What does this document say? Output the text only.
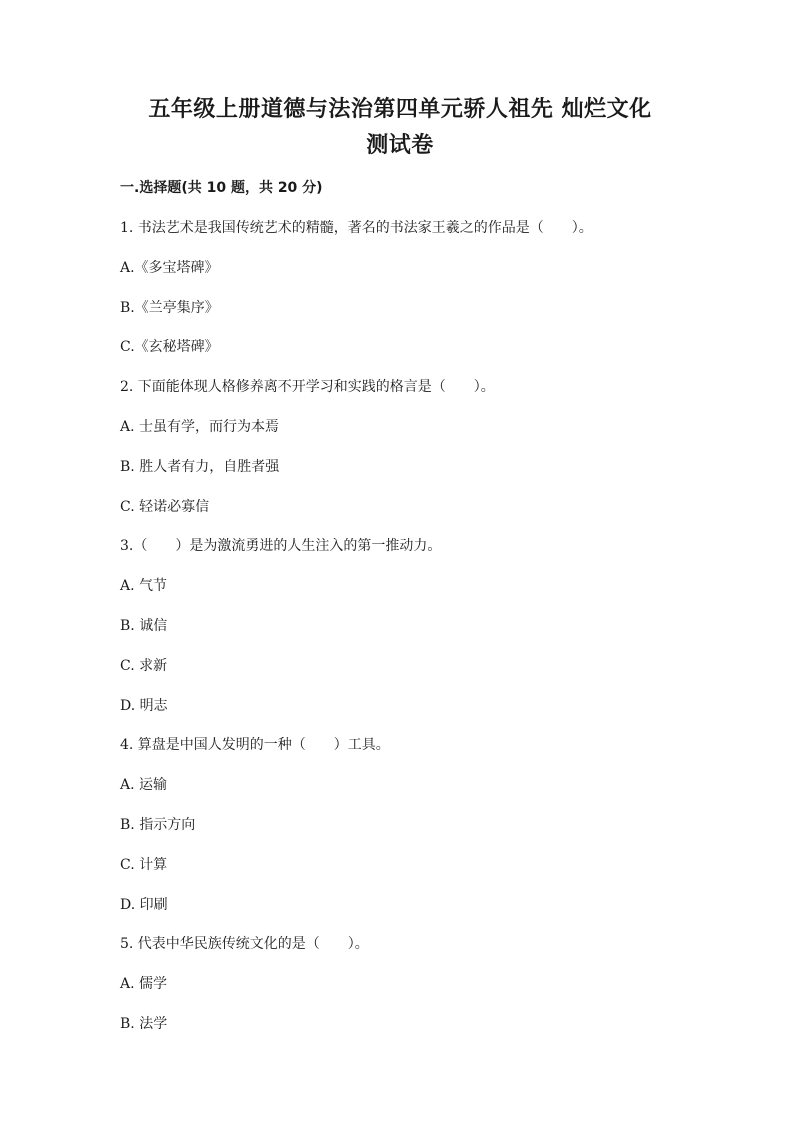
五年级上册道德与法治第四单元骄人祖先 灿烂文化
测试卷
一.选择题(共 10 题，共 20 分)
1. 书法艺术是我国传统艺术的精髓，著名的书法家王羲之的作品是（　　）。
A.《多宝塔碑》
B.《兰亭集序》
C.《玄秘塔碑》
2. 下面能体现人格修养离不开学习和实践的格言是（　　）。
A. 士虽有学，而行为本焉
B. 胜人者有力，自胜者强
C. 轻诺必寡信
3.（　　）是为激流勇进的人生注入的第一推动力。
A. 气节
B. 诚信
C. 求新
D. 明志
4. 算盘是中国人发明的一种（　　）工具。
A. 运输
B. 指示方向
C. 计算
D. 印刷
5. 代表中华民族传统文化的是（　　）。
A. 儒学
B. 法学
